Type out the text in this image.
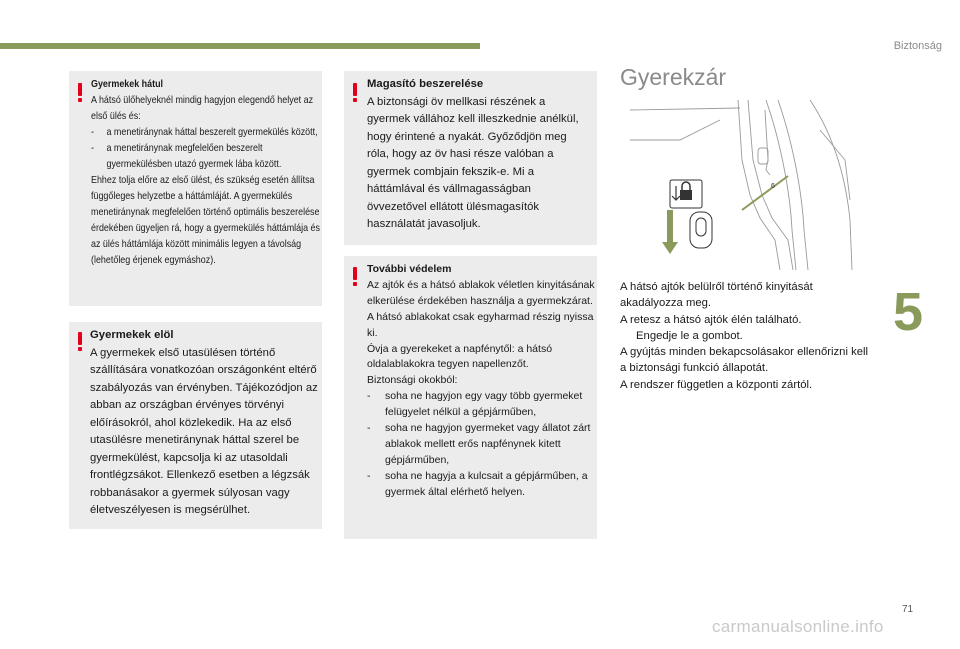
Biztonság
Gyermekek hátul
A hátsó ülőhelyeknél mindig hagyjon elegendő helyet az első ülés és:
- a menetiránynak háttal beszerelt gyermekülés között,
- a menetiránynak megfelelően beszerelt gyermekülésben utazó gyermek lába között.
Ehhez tolja előre az első ülést, és szükség esetén állítsa függőleges helyzetbe a háttámláját. A gyermekülés menetiránynak megfelelően történő optimális beszerelése érdekében ügyeljen rá, hogy a gyermekülés háttámlája és az ülés háttámlája között minimális legyen a távolság (lehetőleg érjenek egymáshoz).
Gyermekek elöl
A gyermekek első utasülésen történő szállítására vonatkozóan országonként eltérő szabályozás van érvényben. Tájékozódjon az abban az országban érvényes törvényi előírásokról, ahol közlekedik. Ha az első utasülésre menetiránynak háttal szerel be gyermekülést, kapcsolja ki az utasoldali frontlégzsákot. Ellenkező esetben a légzsák robbanásakor a gyermek súlyosan vagy életveszélyesen is megsérülhet.
Magasító beszerelése
A biztonsági öv mellkasi részének a gyermek vállához kell illeszkednie anélkül, hogy érintené a nyakát. Győződjön meg róla, hogy az öv hasi része valóban a gyermek combjain fekszik-e. Mi a háttámlával és vállmagasságban övvezetővel ellátott ülésmagasítók használatát javasoljuk.
További védelem
Az ajtók és a hátsó ablakok véletlen kinyitásának elkerülése érdekében használja a gyermekzárat.
A hátsó ablakokat csak egyharmad részig nyissa ki.
Óvja a gyerekeket a napfénytől: a hátsó oldalablakokra tegyen napellenzőt.
Biztonsági okokból:
- soha ne hagyjon egy vagy több gyermeket felügyelet nélkül a gépjárműben,
- soha ne hagyjon gyermeket vagy állatot zárt ablakok mellett erős napfénynek kitett gépjárműben,
- soha ne hagyja a kulcsait a gépjárműben, a gyermek által elérhető helyen.
Gyerekzár
6
A hátsó ajtók belülről történő kinyitását akadályozza meg.
A retesz a hátsó ajtók élén található.
Engedje le a gombot.
A gyújtás minden bekapcsolásakor ellenőrizni kell a biztonsági funkció állapotát.
A rendszer független a központi zártól.
5
71
carmanualsonline.info
